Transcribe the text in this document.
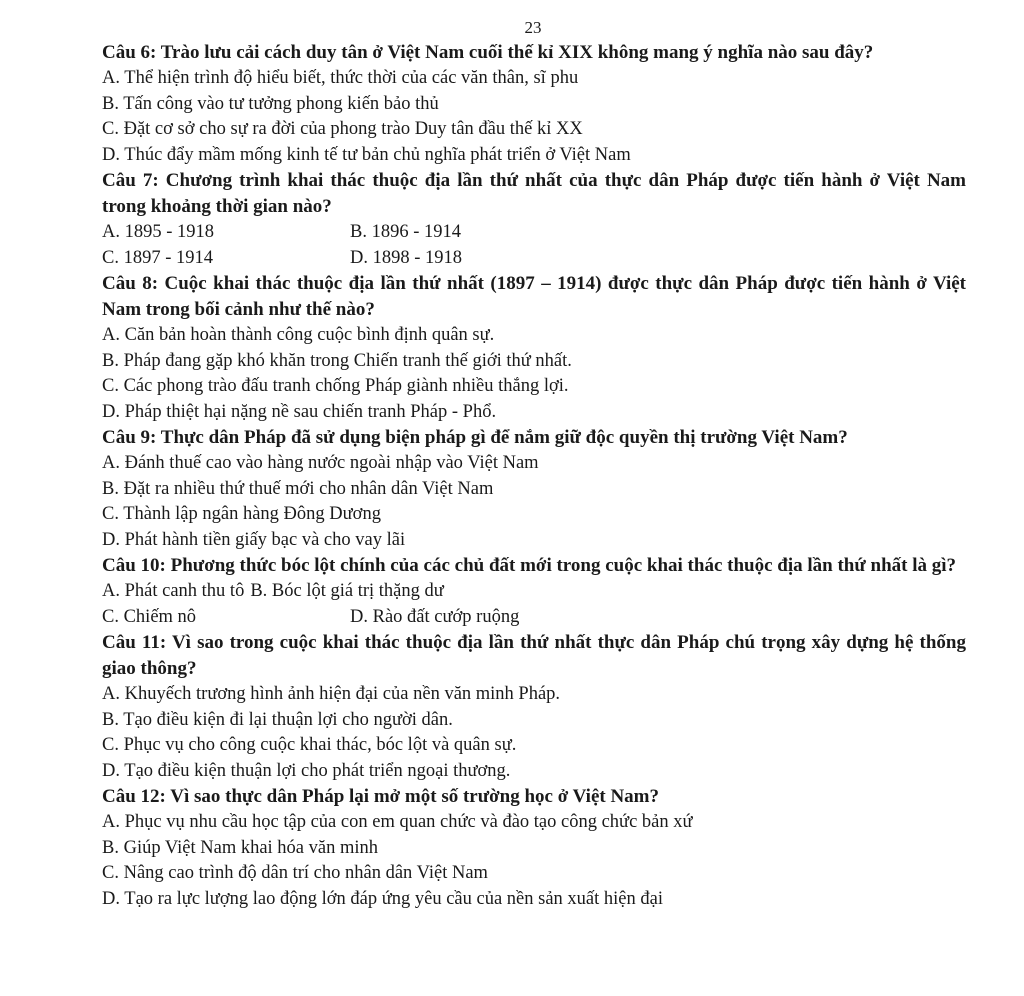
23
Câu 6: Trào lưu cải cách duy tân ở Việt Nam cuối thế kỉ XIX không mang ý nghĩa nào sau đây?
A. Thể hiện trình độ hiểu biết, thức thời của các văn thân, sĩ phu
B. Tấn công vào tư tưởng phong kiến bảo thủ
C. Đặt cơ sở cho sự ra đời của phong trào Duy tân đầu thế kỉ XX
D. Thúc đẩy mầm mống kinh tế tư bản chủ nghĩa phát triển ở Việt Nam
Câu 7: Chương trình khai thác thuộc địa lần thứ nhất của thực dân Pháp được tiến hành ở Việt Nam trong khoảng thời gian nào?
A. 1895 - 1918	B. 1896 - 1914
C. 1897 - 1914	D. 1898 - 1918
Câu 8: Cuộc khai thác thuộc địa lần thứ nhất (1897 – 1914) được thực dân Pháp được tiến hành ở Việt Nam trong bối cảnh như thế nào?
A. Căn bản hoàn thành công cuộc bình định quân sự.
B. Pháp đang gặp khó khăn trong Chiến tranh thế giới thứ nhất.
C. Các phong trào đấu tranh chống Pháp giành nhiều thắng lợi.
D. Pháp thiệt hại nặng nề sau chiến tranh Pháp - Phổ.
Câu 9: Thực dân Pháp đã sử dụng biện pháp gì để nắm giữ độc quyền thị trường Việt Nam?
A. Đánh thuế cao vào hàng nước ngoài nhập vào Việt Nam
B. Đặt ra nhiều thứ thuế mới cho nhân dân Việt Nam
C. Thành lập ngân hàng Đông Dương
D. Phát hành tiền giấy bạc và cho vay lãi
Câu 10: Phương thức bóc lột chính của các chủ đất mới trong cuộc khai thác thuộc địa lần thứ nhất là gì?
A. Phát canh thu tô B. Bóc lột giá trị thặng dư
C. Chiếm nô	D. Rào đất cướp ruộng
Câu 11: Vì sao trong cuộc khai thác thuộc địa lần thứ nhất thực dân Pháp chú trọng xây dựng hệ thống giao thông?
A. Khuyếch trương hình ảnh hiện đại của nền văn minh Pháp.
B. Tạo điều kiện đi lại thuận lợi cho người dân.
C. Phục vụ cho công cuộc khai thác, bóc lột và quân sự.
D. Tạo điều kiện thuận lợi cho phát triển ngoại thương.
Câu 12: Vì sao thực dân Pháp lại mở một số trường học ở Việt Nam?
A. Phục vụ nhu cầu học tập của con em quan chức và đào tạo công chức bản xứ
B. Giúp Việt Nam khai hóa văn minh
C. Nâng cao trình độ dân trí cho nhân dân Việt Nam
D. Tạo ra lực lượng lao động lớn đáp ứng yêu cầu của nền sản xuất hiện đại
